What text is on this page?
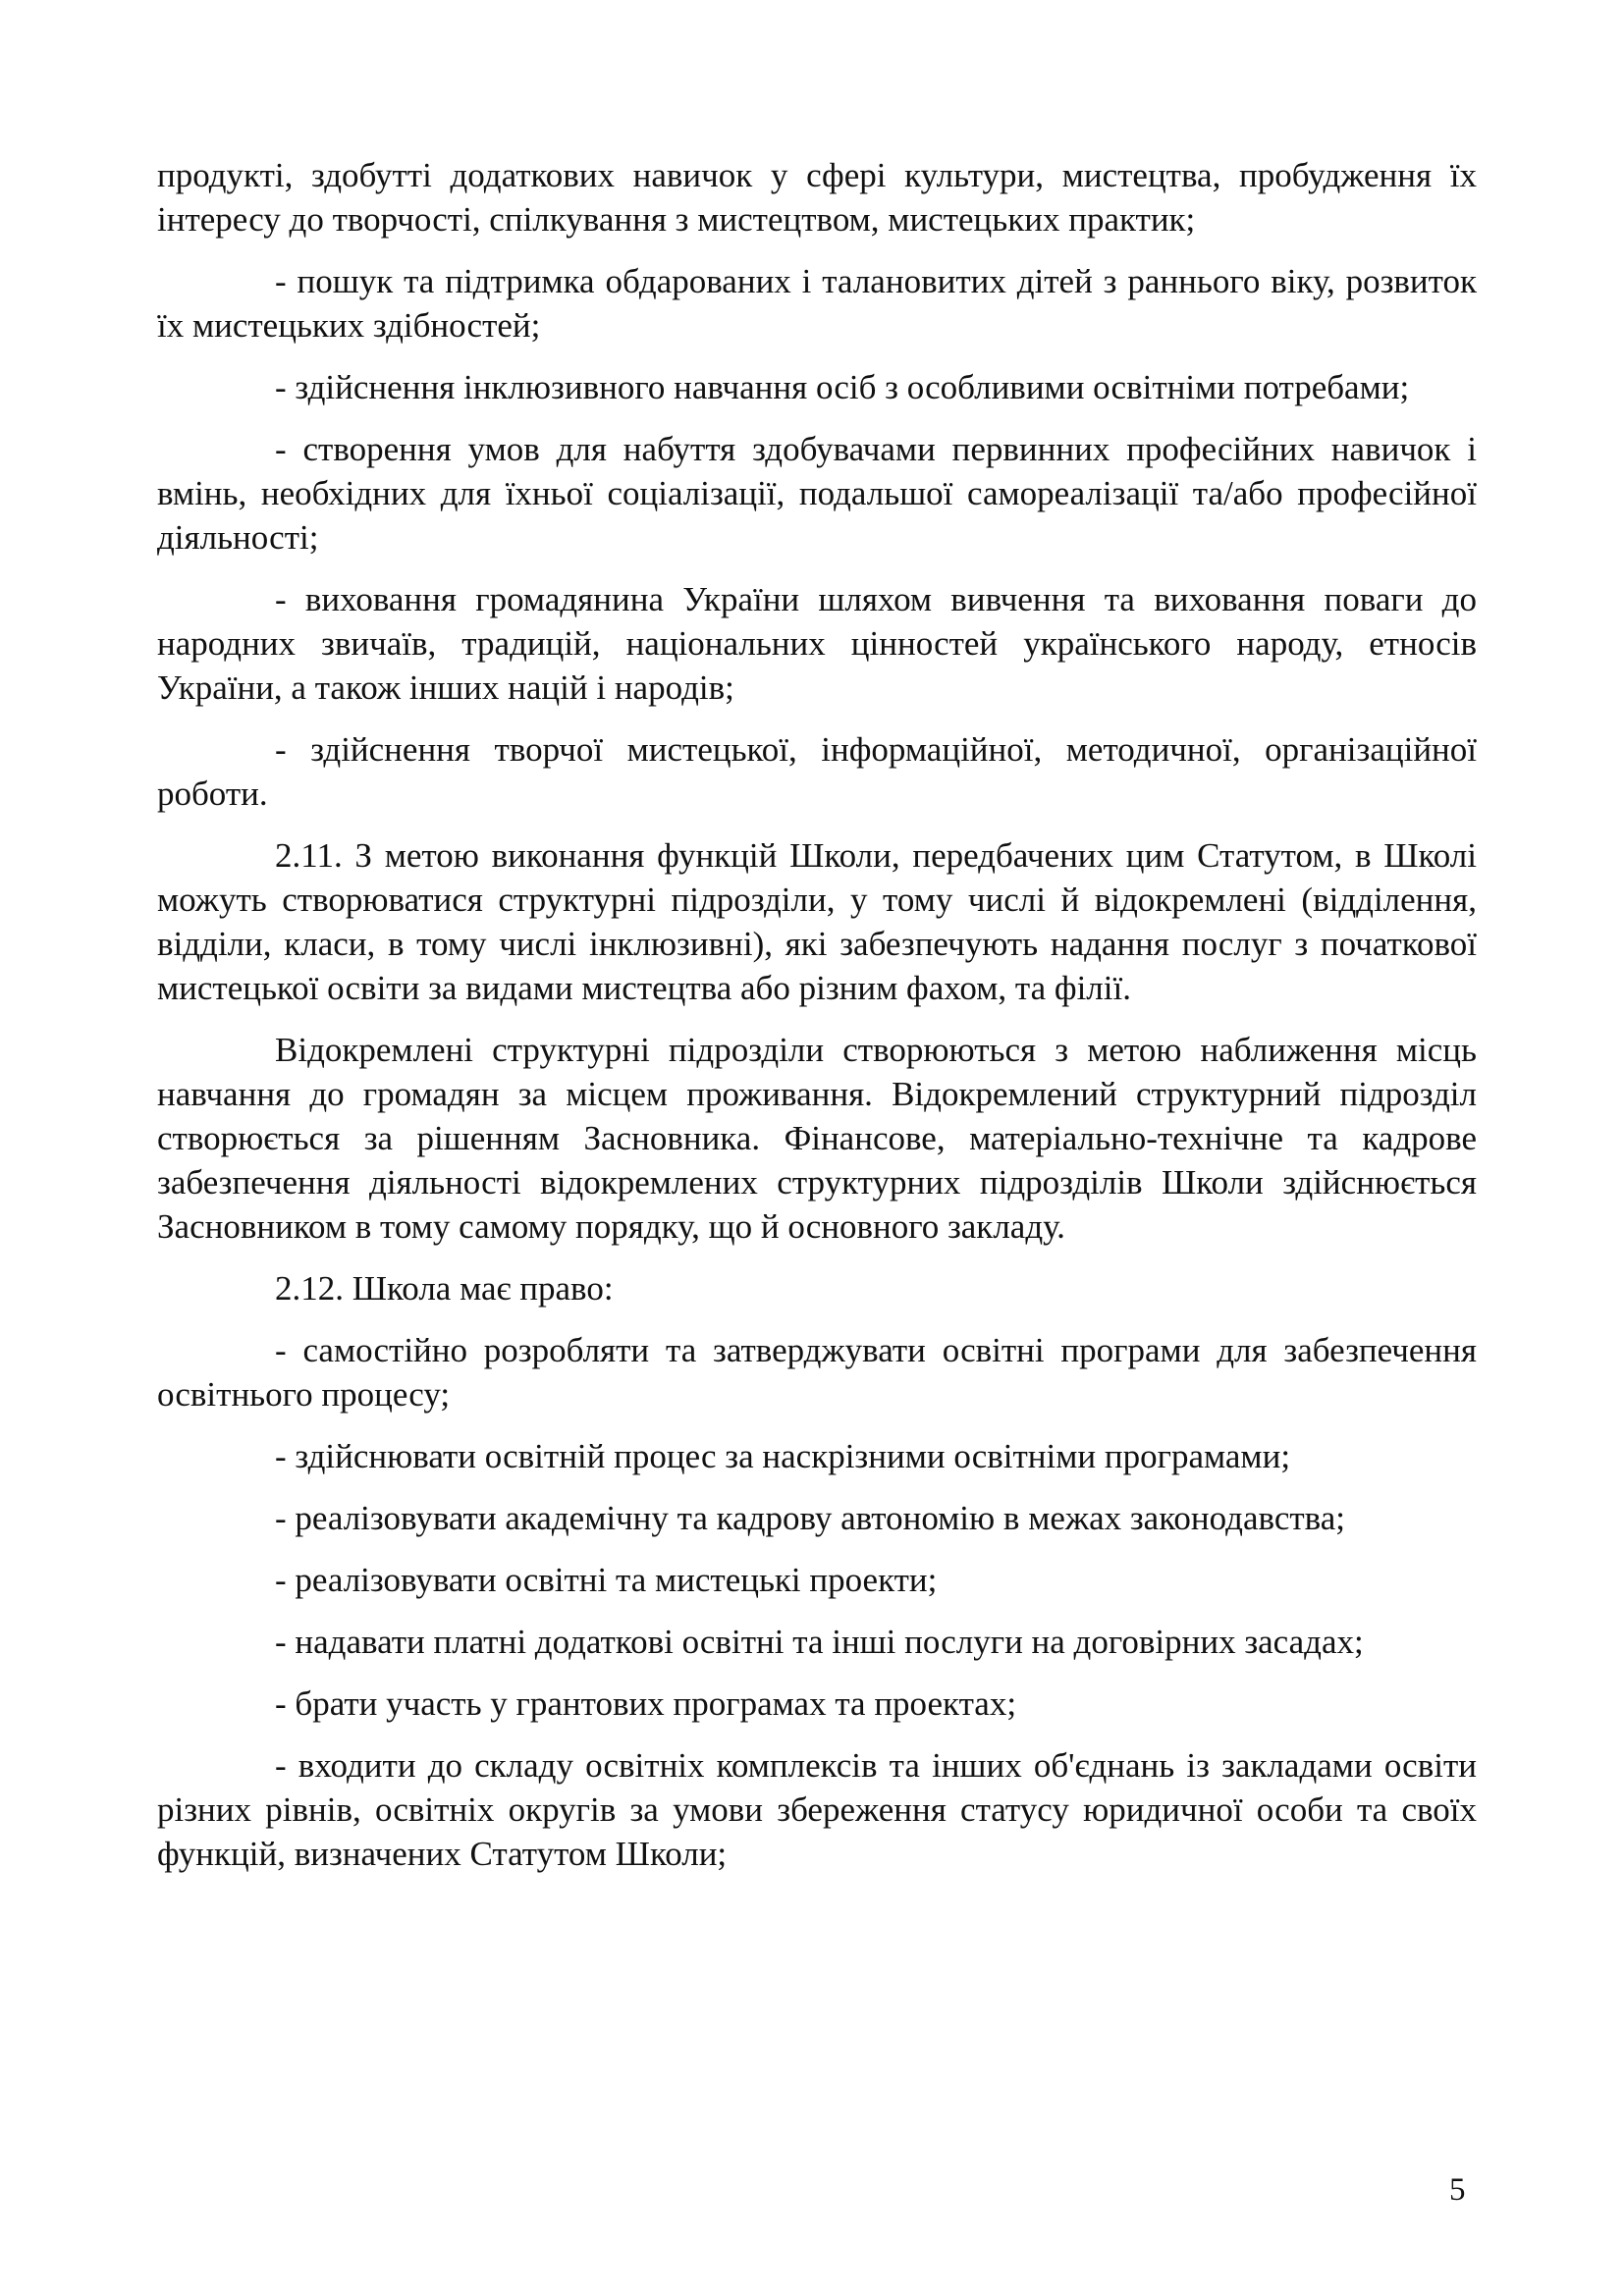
продукті, здобутті додаткових навичок у сфері культури, мистецтва, пробудження їх інтересу до творчості, спілкування з мистецтвом, мистецьких практик;

- пошук та підтримка обдарованих і талановитих дітей з раннього віку, розвиток їх мистецьких здібностей;

- здійснення інклюзивного навчання осіб з особливими освітніми потребами;

- створення умов для набуття здобувачами первинних професійних навичок і вмінь, необхідних для їхньої соціалізації, подальшої самореалізації та/або професійної діяльності;

- виховання громадянина України шляхом вивчення та виховання поваги до народних звичаїв, традицій, національних цінностей українського народу, етносів України, а також інших націй і народів;

- здійснення творчої мистецької, інформаційної, методичної, організаційної роботи.

2.11. З метою виконання функцій Школи, передбачених цим Статутом, в Школі можуть створюватися структурні підрозділи, у тому числі й відокремлені (відділення, відділи, класи, в тому числі інклюзивні), які забезпечують надання послуг з початкової мистецької освіти за видами мистецтва або різним фахом, та філії.

Відокремлені структурні підрозділи створюються з метою наближення місць навчання до громадян за місцем проживання. Відокремлений структурний підрозділ створюється за рішенням Засновника. Фінансове, матеріально-технічне та кадрове забезпечення діяльності відокремлених структурних підрозділів Школи здійснюється Засновником в тому самому порядку, що й основного закладу.

2.12. Школа має право:

- самостійно розробляти та затверджувати освітні програми для забезпечення освітнього процесу;

- здійснювати освітній процес за наскрізними освітніми програмами;

- реалізовувати академічну та кадрову автономію в межах законодавства;

- реалізовувати освітні та мистецькі проекти;

- надавати платні додаткові освітні та інші послуги на договірних засадах;

- брати участь у грантових програмах та проектах;

- входити до складу освітніх комплексів та інших об'єднань із закладами освіти різних рівнів, освітніх округів за умови збереження статусу юридичної особи та своїх функцій, визначених Статутом Школи;

5
